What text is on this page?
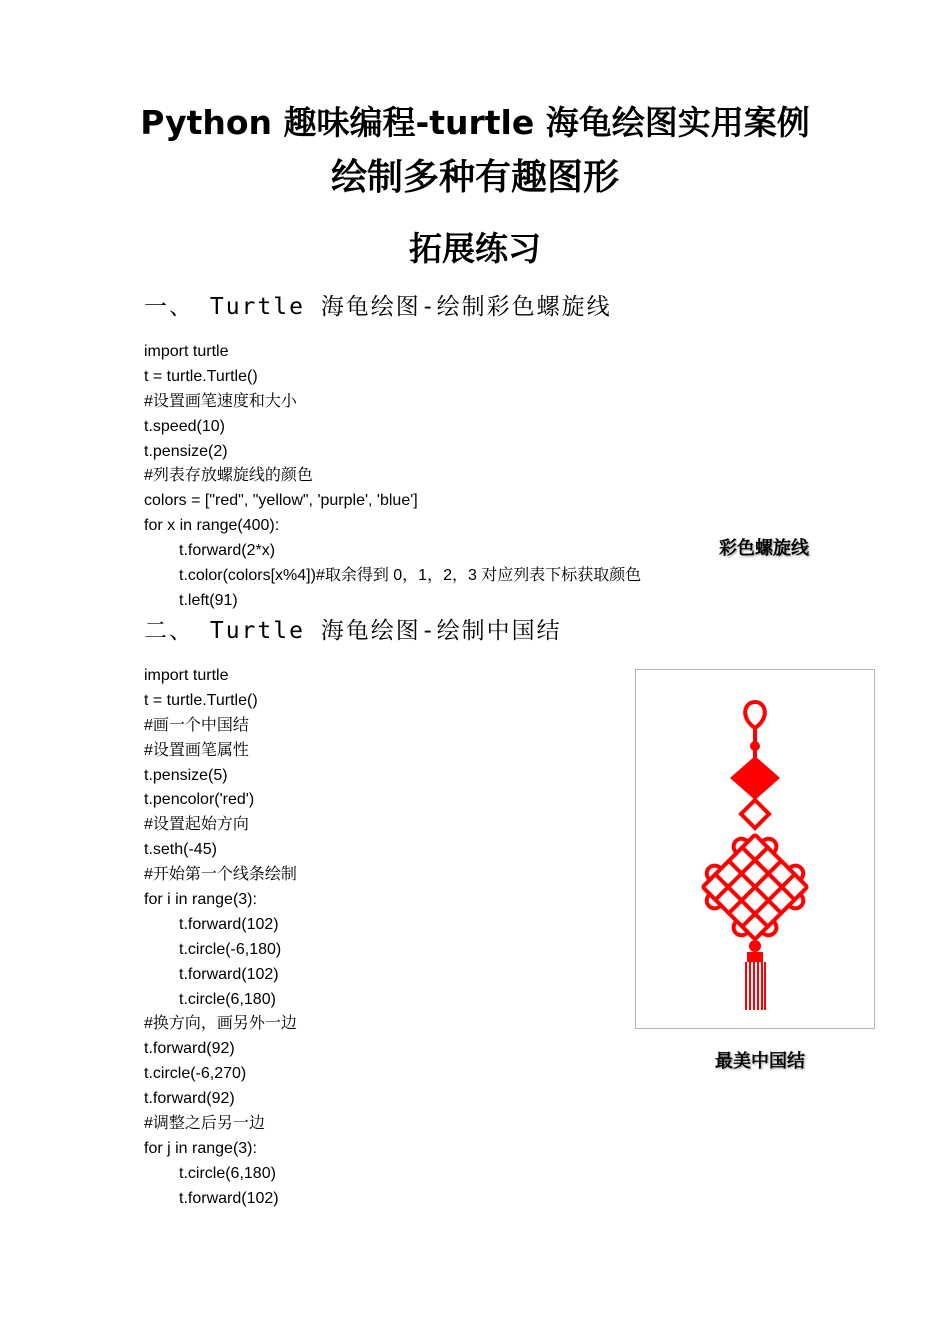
Python 趣味编程-turtle 海龟绘图实用案例
绘制多种有趣图形
拓展练习
一、 Turtle 海龟绘图-绘制彩色螺旋线
import turtle
t = turtle.Turtle()
#设置画笔速度和大小
t.speed(10)
t.pensize(2)
#列表存放螺旋线的颜色
colors = ["red", "yellow", 'purple', 'blue']
for x in range(400):
t.forward(2*x)
t.color(colors[x%4])#取余得到 0，1，2，3 对应列表下标获取颜色
t.left(91)
彩色螺旋线
二、 Turtle 海龟绘图-绘制中国结
import turtle
t = turtle.Turtle()
#画一个中国结
#设置画笔属性
t.pensize(5)
t.pencolor('red')
#设置起始方向
t.seth(-45)
#开始第一个线条绘制
for i in range(3):
t.forward(102)
t.circle(-6,180)
t.forward(102)
t.circle(6,180)
#换方向，画另外一边
t.forward(92)
t.circle(-6,270)
t.forward(92)
#调整之后另一边
for j in range(3):
t.circle(6,180)
t.forward(102)
最美中国结
